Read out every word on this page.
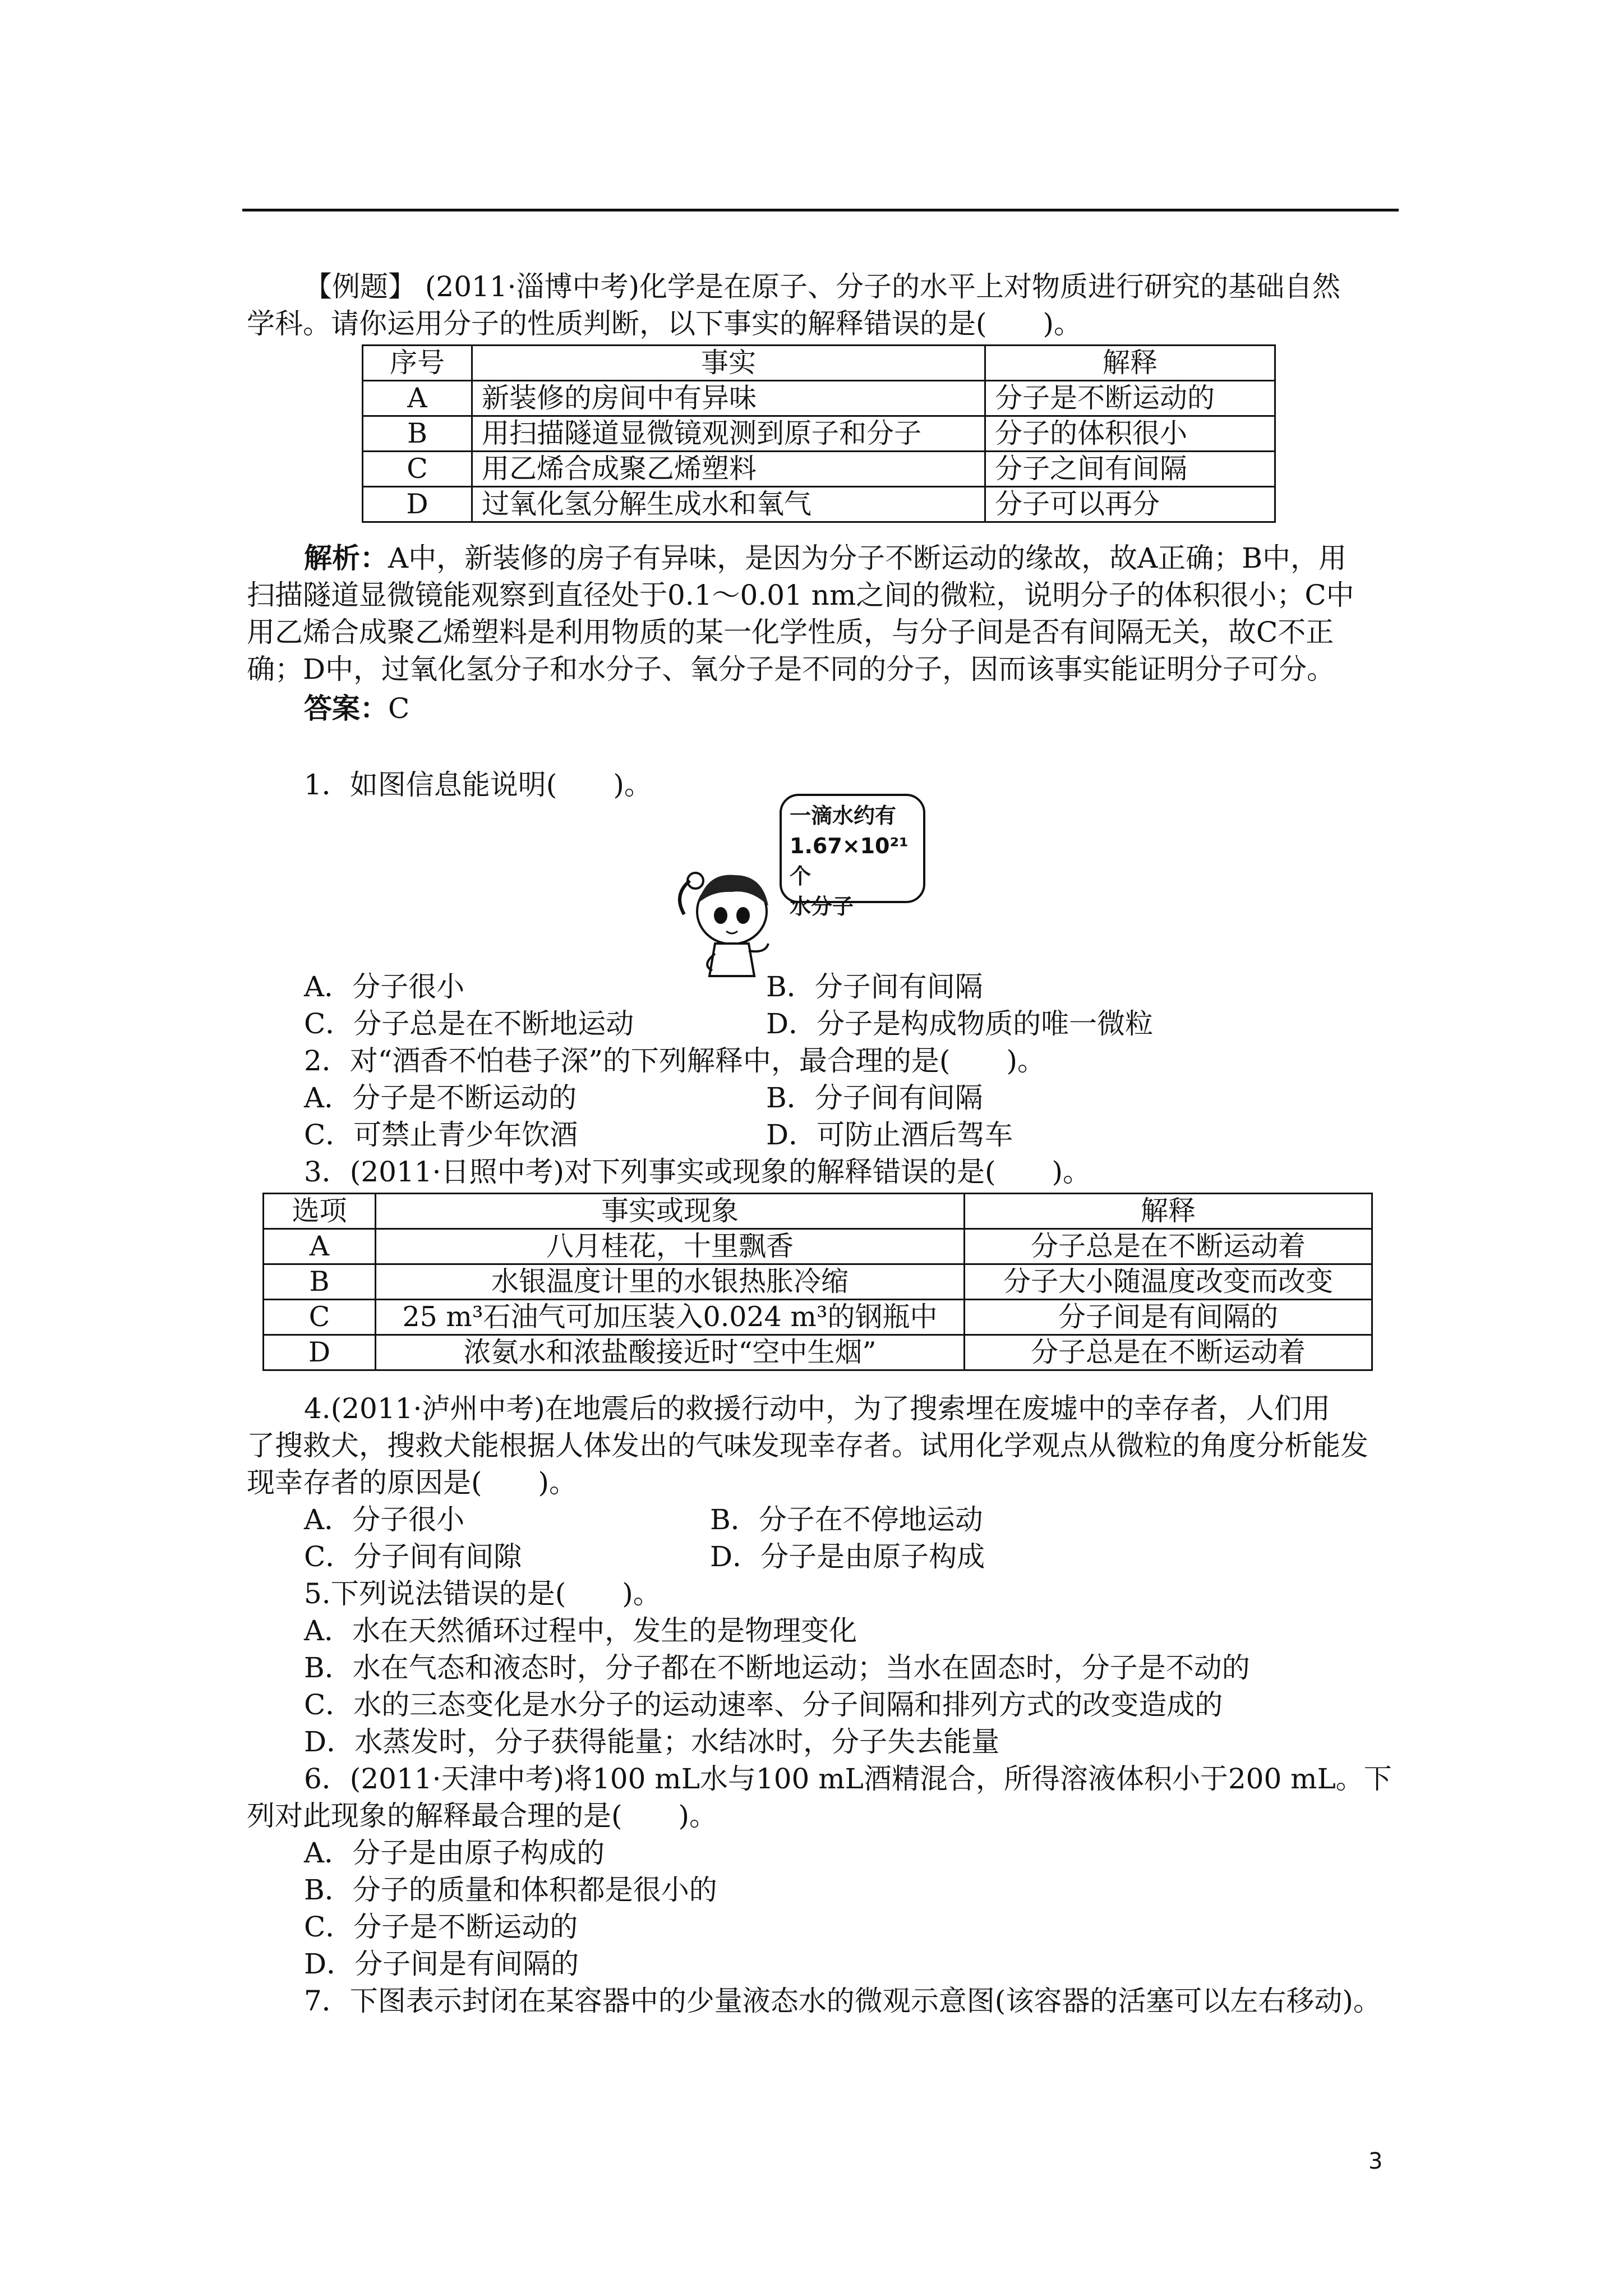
【例题】 (2011·淄博中考)化学是在原子、分子的水平上对物质进行研究的基础自然
学科。请你运用分子的性质判断，以下事实的解释错误的是(　　)。
序号	事实	解释
A	新装修的房间中有异味	分子是不断运动的
B	用扫描隧道显微镜观测到原子和分子	分子的体积很小
C	用乙烯合成聚乙烯塑料	分子之间有间隔
D	过氧化氢分解生成水和氧气	分子可以再分
解析：A中，新装修的房子有异味，是因为分子不断运动的缘故，故A正确；B中，用
扫描隧道显微镜能观察到直径处于0.1～0.01 nm之间的微粒，说明分子的体积很小；C中
用乙烯合成聚乙烯塑料是利用物质的某一化学性质，与分子间是否有间隔无关，故C不正
确；D中，过氧化氢分子和水分子、氧分子是不同的分子，因而该事实能证明分子可分。
答案：C
1．如图信息能说明(　　)。
一滴水约有
1.67×10²¹个
水分子
A．分子很小	B．分子间有间隔
C．分子总是在不断地运动	D．分子是构成物质的唯一微粒
2．对“酒香不怕巷子深”的下列解释中，最合理的是(　　)。
A．分子是不断运动的	B．分子间有间隔
C．可禁止青少年饮酒	D．可防止酒后驾车
3．(2011·日照中考)对下列事实或现象的解释错误的是(　　)。
选项	事实或现象	解释
A	八月桂花，十里飘香	分子总是在不断运动着
B	水银温度计里的水银热胀冷缩	分子大小随温度改变而改变
C	25 m³石油气可加压装入0.024 m³的钢瓶中	分子间是有间隔的
D	浓氨水和浓盐酸接近时“空中生烟”	分子总是在不断运动着
4.(2011·泸州中考)在地震后的救援行动中，为了搜索埋在废墟中的幸存者，人们用
了搜救犬，搜救犬能根据人体发出的气味发现幸存者。试用化学观点从微粒的角度分析能发
现幸存者的原因是(　　)。
A．分子很小	B．分子在不停地运动
C．分子间有间隙	D．分子是由原子构成
5.下列说法错误的是(　　)。
A．水在天然循环过程中，发生的是物理变化
B．水在气态和液态时，分子都在不断地运动；当水在固态时，分子是不动的
C．水的三态变化是水分子的运动速率、分子间隔和排列方式的改变造成的
D．水蒸发时，分子获得能量；水结冰时，分子失去能量
6．(2011·天津中考)将100 mL水与100 mL酒精混合，所得溶液体积小于200 mL。下
列对此现象的解释最合理的是(　　)。
A．分子是由原子构成的
B．分子的质量和体积都是很小的
C．分子是不断运动的
D．分子间是有间隔的
7．下图表示封闭在某容器中的少量液态水的微观示意图(该容器的活塞可以左右移动)。
3
